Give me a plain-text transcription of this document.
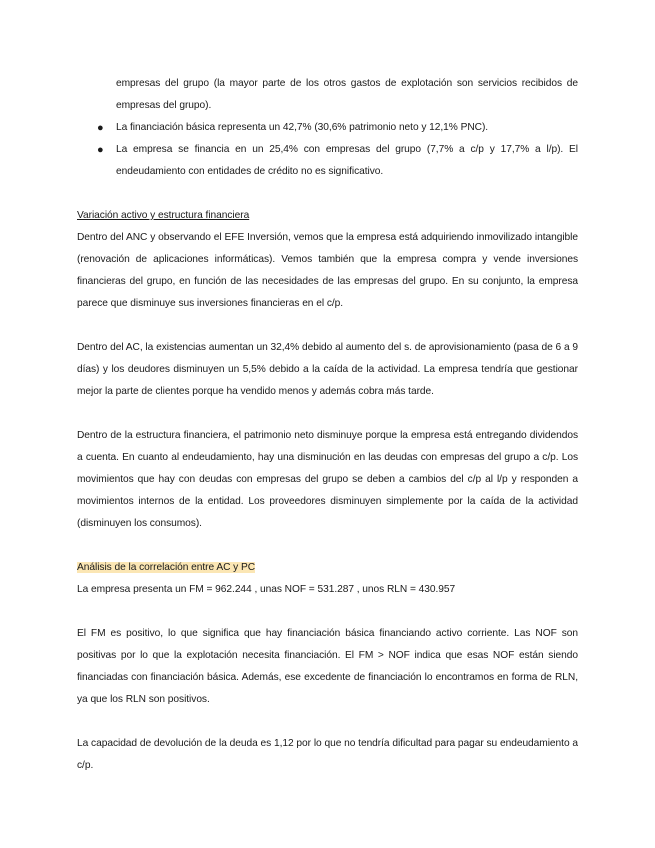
empresas del grupo (la mayor parte de los otros gastos de explotación son servicios recibidos de empresas del grupo).

● La financiación básica representa un 42,7% (30,6% patrimonio neto y 12,1% PNC).
● La empresa se financia en un 25,4% con empresas del grupo (7,7% a c/p y 17,7% a l/p). El endeudamiento con entidades de crédito no es significativo.

Variación activo y estructura financiera

Dentro del ANC y observando el EFE Inversión, vemos que la empresa está adquiriendo inmovilizado intangible (renovación de aplicaciones informáticas). Vemos también que la empresa compra y vende inversiones financieras del grupo, en función de las necesidades de las empresas del grupo. En su conjunto, la empresa parece que disminuye sus inversiones financieras en el c/p.

Dentro del AC, la existencias aumentan un 32,4% debido al aumento del s. de aprovisionamiento (pasa de 6 a 9 días) y los deudores disminuyen un 5,5% debido a la caída de la actividad. La empresa tendría que gestionar mejor la parte de clientes porque ha vendido menos y además cobra más tarde.

Dentro de la estructura financiera, el patrimonio neto disminuye porque la empresa está entregando dividendos a cuenta. En cuanto al endeudamiento, hay una disminución en las deudas con empresas del grupo a c/p. Los movimientos que hay con deudas con empresas del grupo se deben a cambios del c/p al l/p y responden a movimientos internos de la entidad. Los proveedores disminuyen simplemente por la caída de la actividad (disminuyen los consumos).

Análisis de la correlación entre AC y PC

La empresa presenta un FM = 962.244 , unas NOF = 531.287 , unos RLN = 430.957

El FM es positivo, lo que significa que hay financiación básica financiando activo corriente. Las NOF son positivas por lo que la explotación necesita financiación. El FM > NOF indica que esas NOF están siendo financiadas con financiación básica. Además, ese excedente de financiación lo encontramos en forma de RLN, ya que los RLN son positivos.

La capacidad de devolución de la deuda es 1,12 por lo que no tendría dificultad para pagar su endeudamiento a c/p.
